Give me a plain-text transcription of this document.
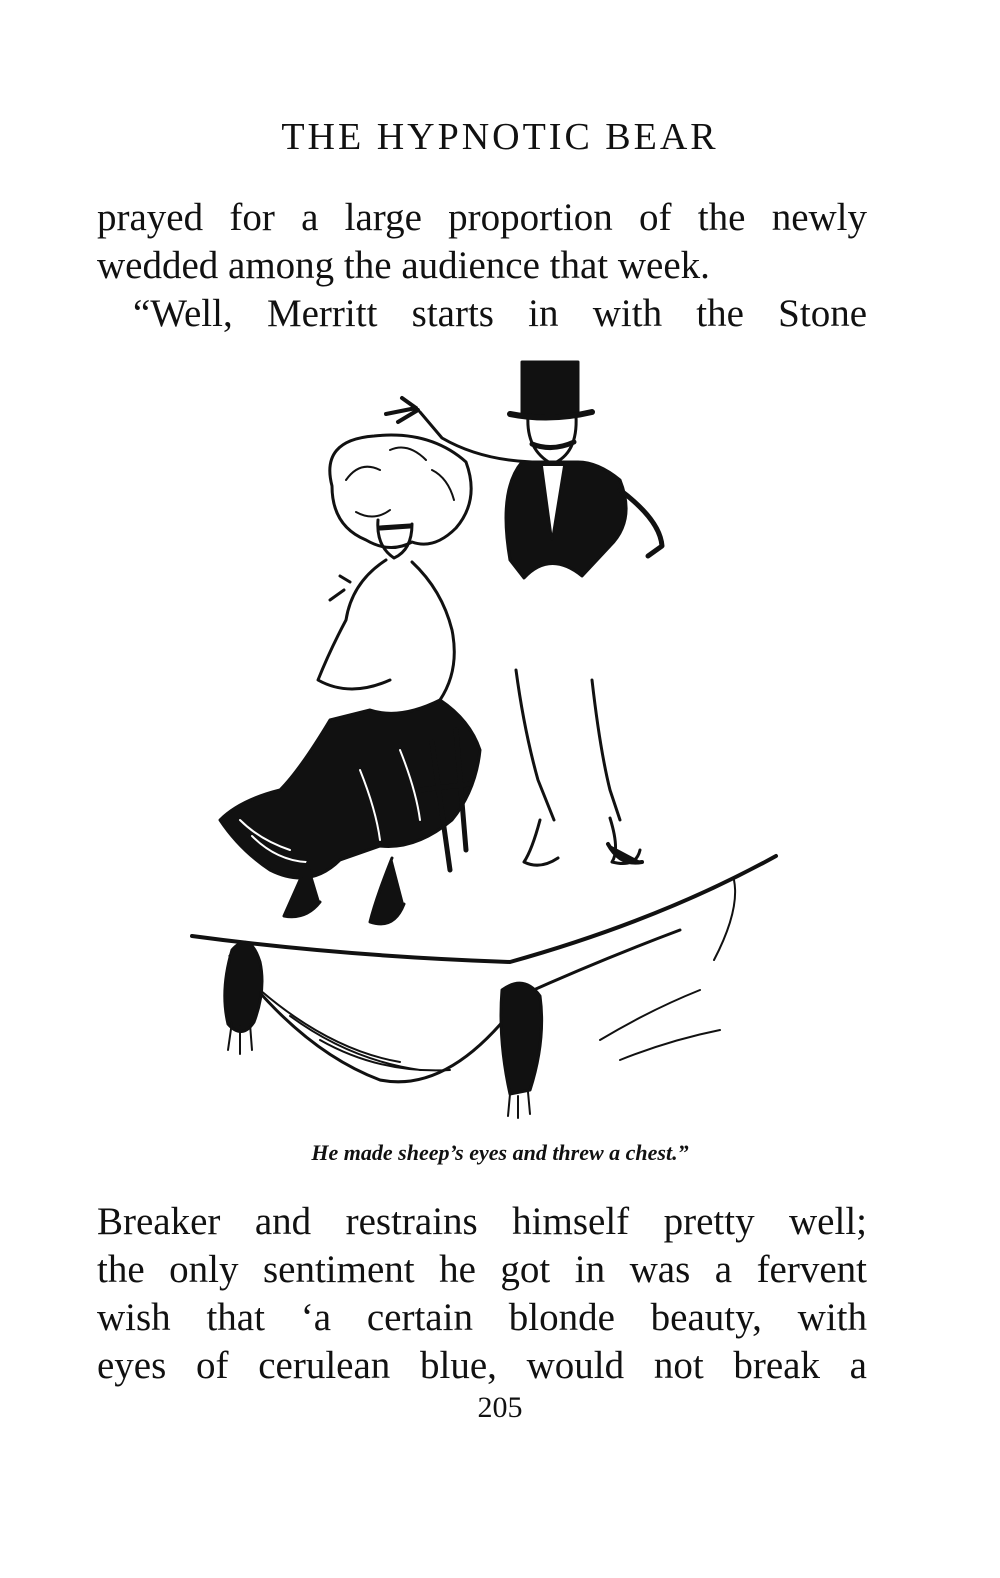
THE HYPNOTIC BEAR
prayed for a large proportion of the newly
wedded among the audience that week.
“Well, Merritt starts in with the Stone

He made sheep’s eyes and threw a chest.”

Breaker and restrains himself pretty well;
the only sentiment he got in was a fervent
wish that ‘a certain blonde beauty, with
eyes of cerulean blue, would not break a

205
